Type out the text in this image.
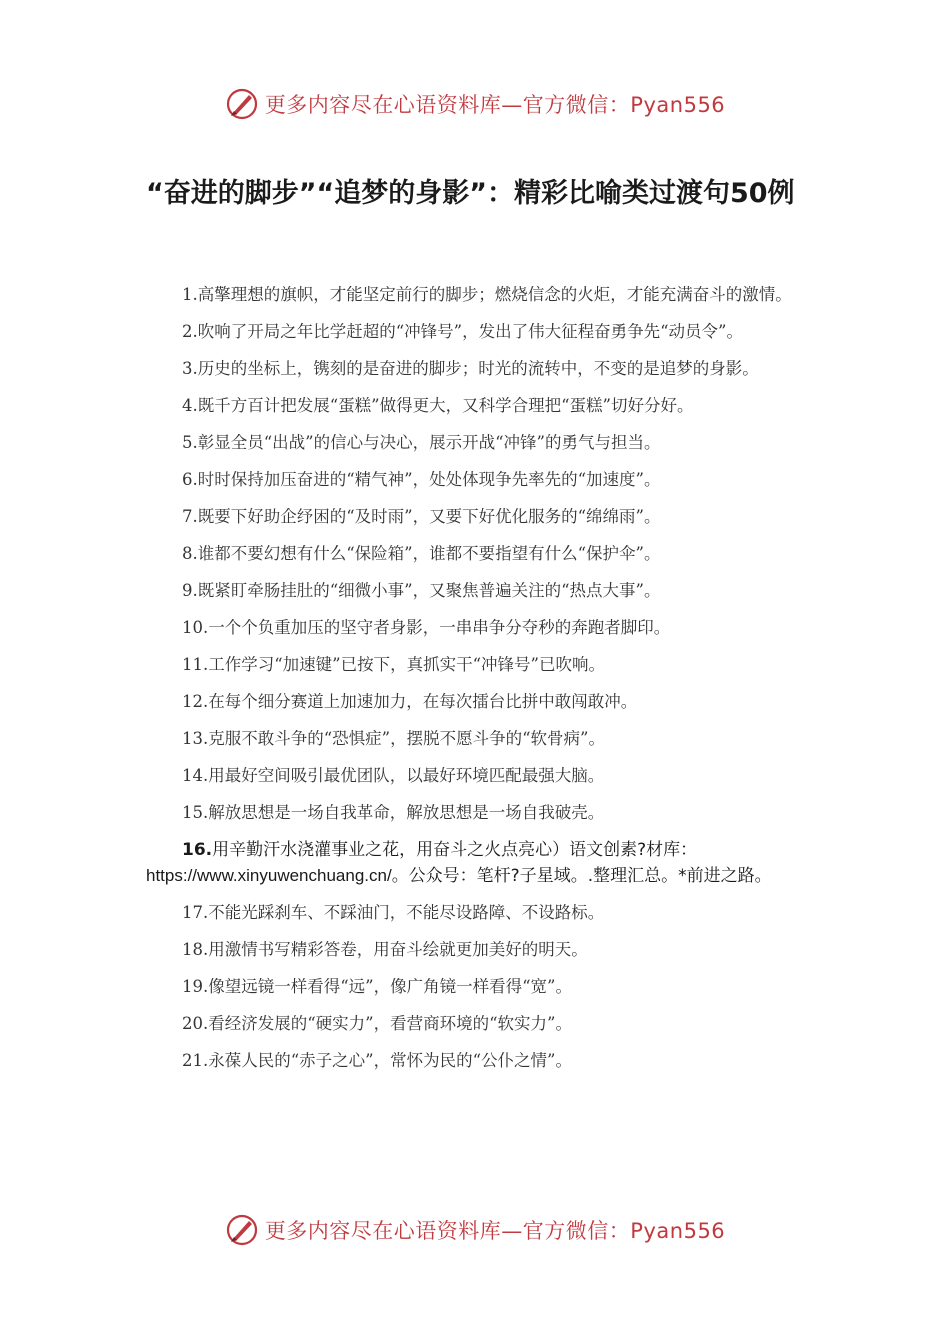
更多内容尽在心语资料库—官方微信：Pyan556
“奋进的脚步”“追梦的身影”：精彩比喻类过渡句50例
1.高擎理想的旗帜，才能坚定前行的脚步；燃烧信念的火炬，才能充满奋斗的激情。
2.吹响了开局之年比学赶超的“冲锋号”，发出了伟大征程奋勇争先“动员令”。
3.历史的坐标上，镌刻的是奋进的脚步；时光的流转中，不变的是追梦的身影。
4.既千方百计把发展“蛋糕”做得更大，又科学合理把“蛋糕”切好分好。
5.彰显全员“出战”的信心与决心，展示开战“冲锋”的勇气与担当。
6.时时保持加压奋进的“精气神”，处处体现争先率先的“加速度”。
7.既要下好助企纾困的“及时雨”，又要下好优化服务的“绵绵雨”。
8.谁都不要幻想有什么“保险箱”，谁都不要指望有什么“保护伞”。
9.既紧盯牵肠挂肚的“细微小事”，又聚焦普遍关注的“热点大事”。
10.一个个负重加压的坚守者身影，一串串争分夺秒的奔跑者脚印。
11.工作学习“加速键”已按下，真抓实干“冲锋号”已吹响。
12.在每个细分赛道上加速加力，在每次擂台比拼中敢闯敢冲。
13.克服不敢斗争的“恐惧症”，摆脱不愿斗争的“软骨病”。
14.用最好空间吸引最优团队，以最好环境匹配最强大脑。
15.解放思想是一场自我革命，解放思想是一场自我破壳。
16.用辛勤汗水浇灌事业之花，用奋斗之火点亮心）语文创素?材库：https://www.xinyuwenchuang.cn/。公众号：笔杆?子星域。.整理汇总。*前进之路。
17.不能光踩刹车、不踩油门，不能尽设路障、不设路标。
18.用激情书写精彩答卷，用奋斗绘就更加美好的明天。
19.像望远镜一样看得“远”，像广角镜一样看得“宽”。
20.看经济发展的“硬实力”，看营商环境的“软实力”。
21.永葆人民的“赤子之心”，常怀为民的“公仆之情”。
更多内容尽在心语资料库—官方微信：Pyan556
